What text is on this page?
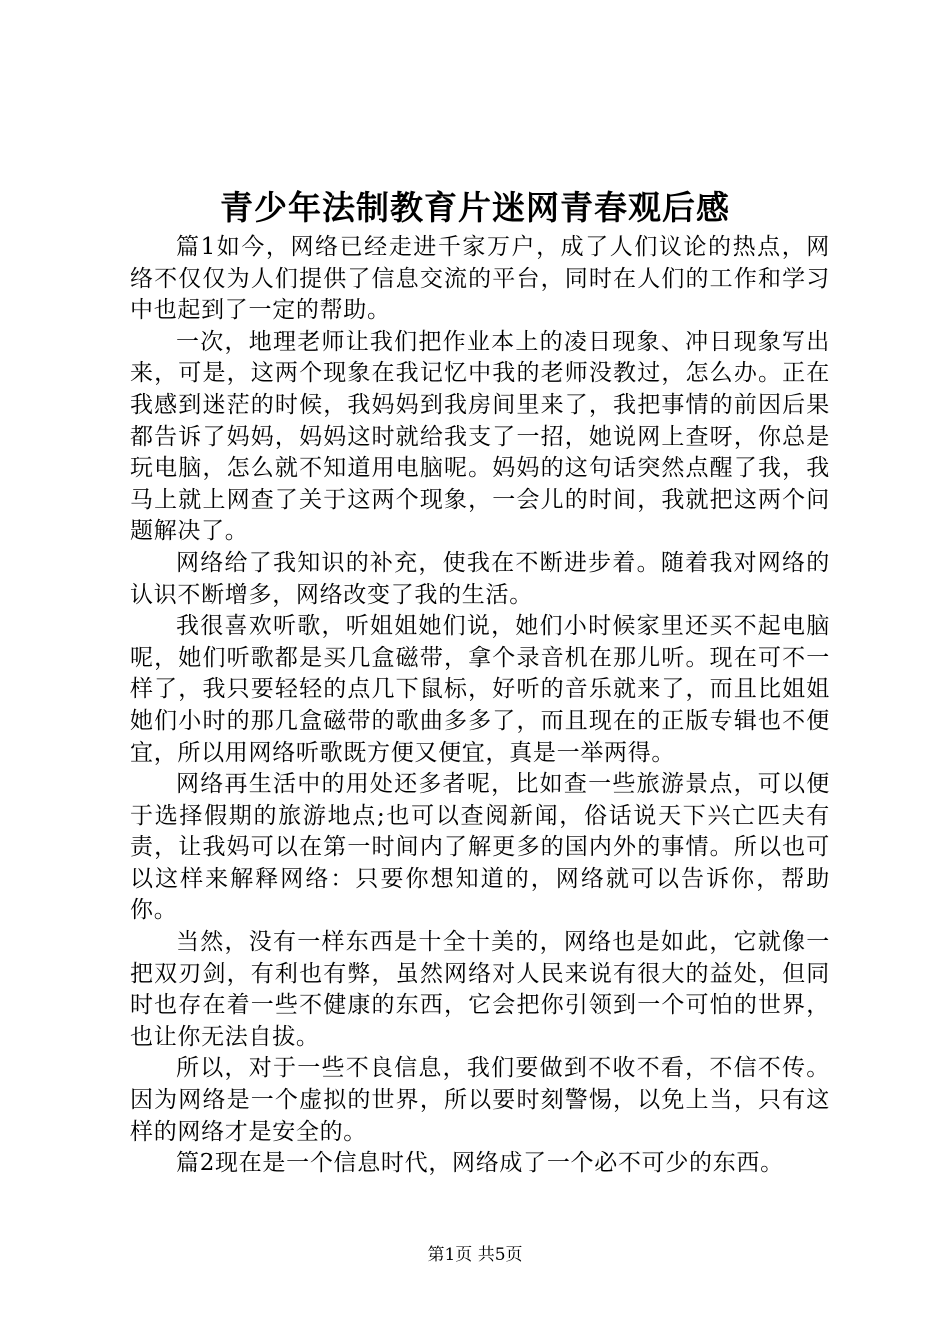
青少年法制教育片迷网青春观后感

篇1如今，网络已经走进千家万户，成了人们议论的热点，网络不仅仅为人们提供了信息交流的平台，同时在人们的工作和学习中也起到了一定的帮助。

一次，地理老师让我们把作业本上的凌日现象、冲日现象写出来，可是，这两个现象在我记忆中我的老师没教过，怎么办。正在我感到迷茫的时候，我妈妈到我房间里来了，我把事情的前因后果都告诉了妈妈，妈妈这时就给我支了一招，她说网上查呀，你总是玩电脑，怎么就不知道用电脑呢。妈妈的这句话突然点醒了我，我马上就上网查了关于这两个现象，一会儿的时间，我就把这两个问题解决了。

网络给了我知识的补充，使我在不断进步着。随着我对网络的认识不断增多，网络改变了我的生活。

我很喜欢听歌，听姐姐她们说，她们小时候家里还买不起电脑呢，她们听歌都是买几盒磁带，拿个录音机在那儿听。现在可不一样了，我只要轻轻的点几下鼠标，好听的音乐就来了，而且比姐姐她们小时的那几盒磁带的歌曲多多了，而且现在的正版专辑也不便宜，所以用网络听歌既方便又便宜，真是一举两得。

网络再生活中的用处还多者呢，比如查一些旅游景点，可以便于选择假期的旅游地点;也可以查阅新闻，俗话说天下兴亡匹夫有责，让我妈可以在第一时间内了解更多的国内外的事情。所以也可以这样来解释网络：只要你想知道的，网络就可以告诉你，帮助你。

当然，没有一样东西是十全十美的，网络也是如此，它就像一把双刃剑，有利也有弊，虽然网络对人民来说有很大的益处，但同时也存在着一些不健康的东西，它会把你引领到一个可怕的世界，也让你无法自拔。

所以，对于一些不良信息，我们要做到不收不看，不信不传。因为网络是一个虚拟的世界，所以要时刻警惕，以免上当，只有这样的网络才是安全的。

篇2现在是一个信息时代，网络成了一个必不可少的东西。

第1页 共5页
